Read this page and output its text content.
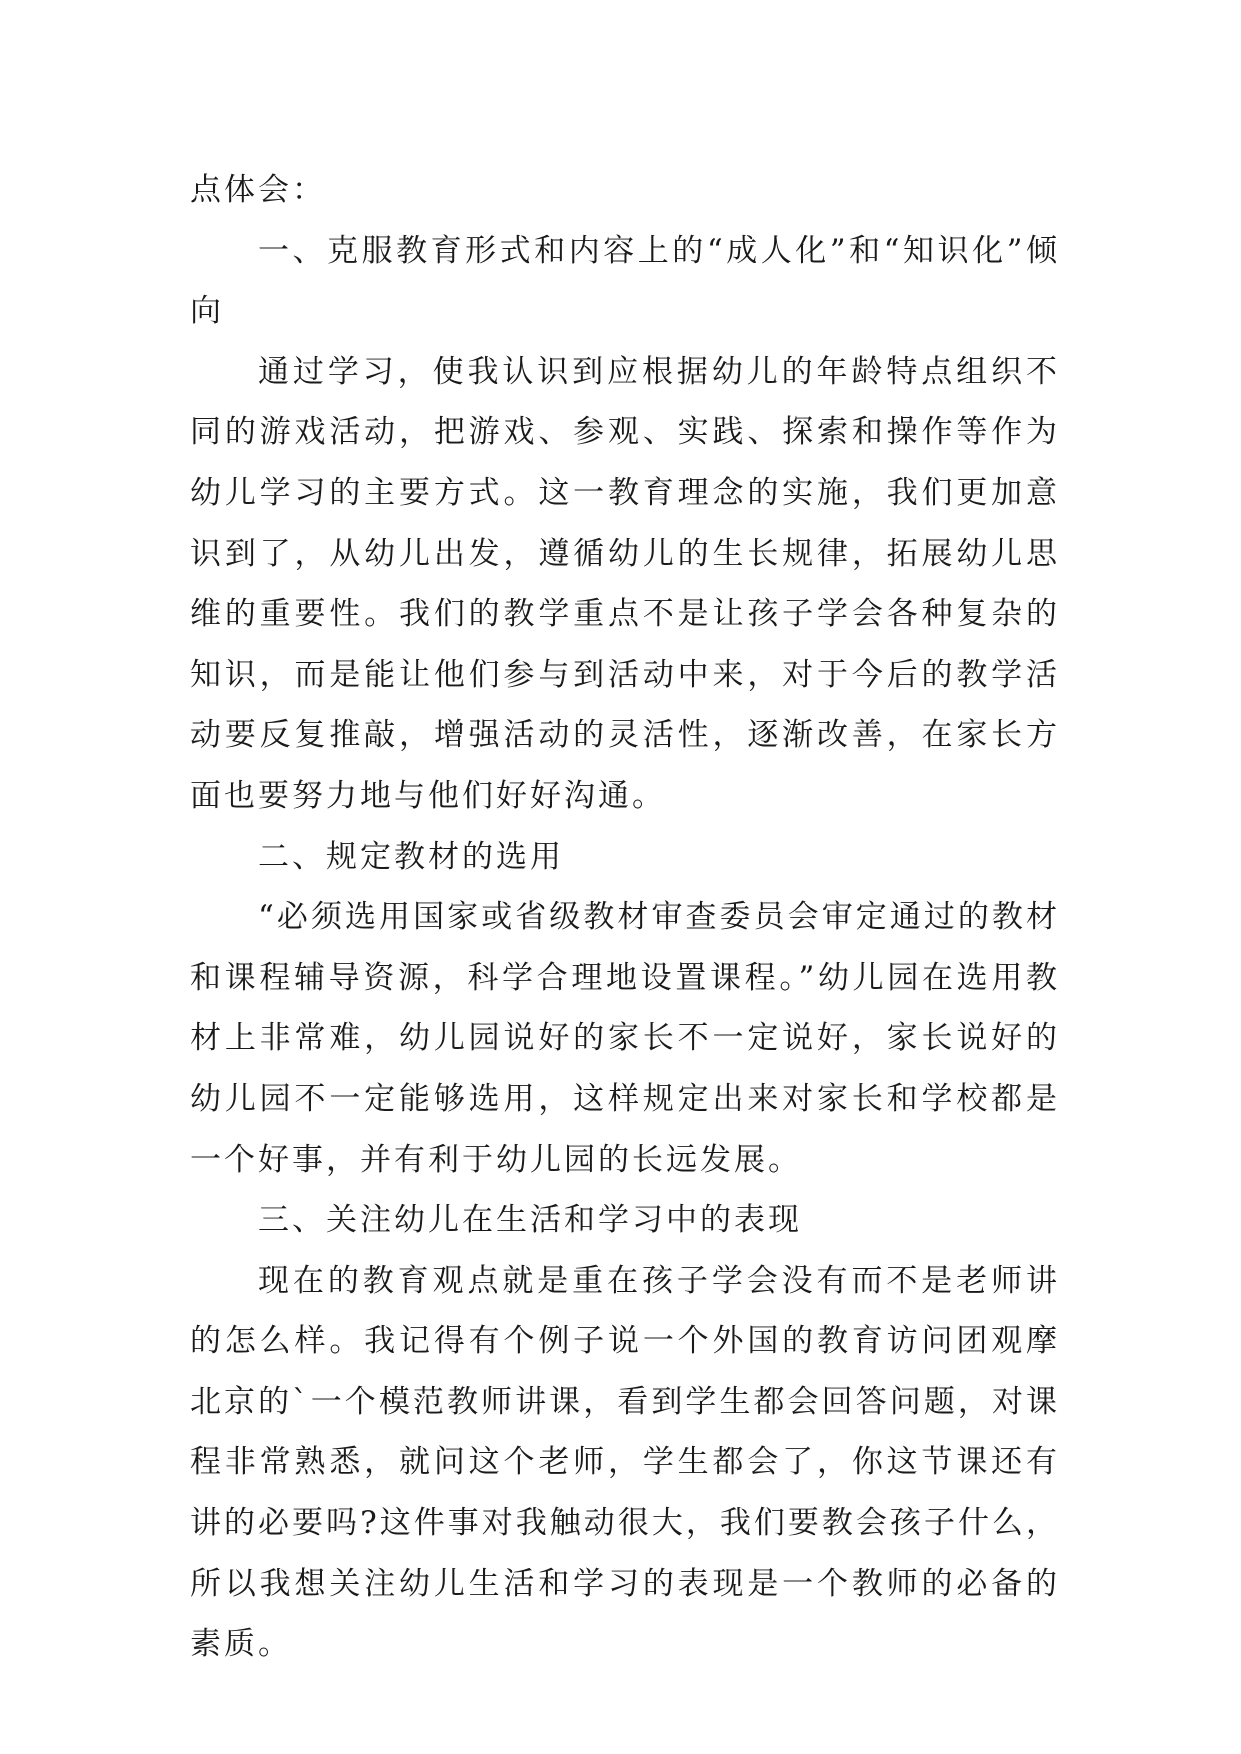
点体会：

一、克服教育形式和内容上的“成人化”和“知识化”倾向

通过学习，使我认识到应根据幼儿的年龄特点组织不同的游戏活动，把游戏、参观、实践、探索和操作等作为幼儿学习的主要方式。这一教育理念的实施，我们更加意识到了，从幼儿出发，遵循幼儿的生长规律，拓展幼儿思维的重要性。我们的教学重点不是让孩子学会各种复杂的知识，而是能让他们参与到活动中来，对于今后的教学活动要反复推敲，增强活动的灵活性，逐渐改善，在家长方面也要努力地与他们好好沟通。

二、规定教材的选用

“必须选用国家或省级教材审查委员会审定通过的教材和课程辅导资源，科学合理地设置课程。”幼儿园在选用教材上非常难，幼儿园说好的家长不一定说好，家长说好的幼儿园不一定能够选用，这样规定出来对家长和学校都是一个好事，并有利于幼儿园的长远发展。

三、关注幼儿在生活和学习中的表现

现在的教育观点就是重在孩子学会没有而不是老师讲的怎么样。我记得有个例子说一个外国的教育访问团观摩北京的`一个模范教师讲课，看到学生都会回答问题，对课程非常熟悉，就问这个老师，学生都会了，你这节课还有讲的必要吗?这件事对我触动很大，我们要教会孩子什么，所以我想关注幼儿生活和学习的表现是一个教师的必备的素质。
